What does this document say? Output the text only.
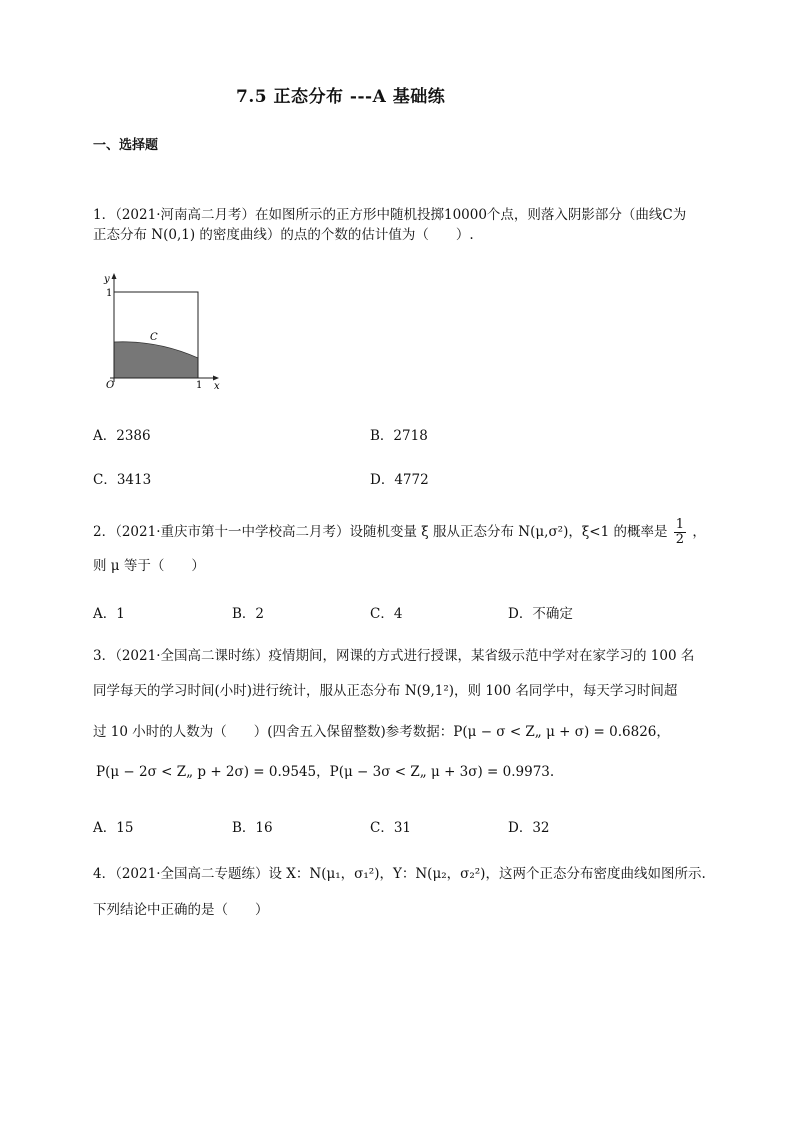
7.5 正态分布 ---A 基础练
一、选择题
1．（2021·河南高二月考）在如图所示的正方形中随机投掷10000个点，则落入阴影部分（曲线C为
正态分布 N(0,1) 的密度曲线）的点的个数的估计值为（　　）.
y
1
O	1 x
C
A．2386	B．2718
C．3413	D．4772
2．（2021·重庆市第十一中学校高二月考）设随机变量 ξ 服从正态分布 N(μ,σ²)，ξ<1 的概率是 $\frac{1}{2}$ ，
则 μ 等于（　　）
A．1	B．2	C．4	D．不确定
3．（2021·全国高二课时练）疫情期间，网课的方式进行授课，某省级示范中学对在家学习的 100 名
同学每天的学习时间(小时)进行统计，服从正态分布 N(9,1²)，则 100 名同学中，每天学习时间超
过 10 小时的人数为（　　）(四舍五入保留整数)参考数据：P(μ − σ < Z„ μ + σ) = 0.6826，
P(μ − 2σ < Z„ p + 2σ) = 0.9545，P(μ − 3σ < Z„ μ + 3σ) = 0.9973.
A．15	B．16	C．31	D．32
4．（2021·全国高二专题练）设 X：N(μ₁，σ₁²)，Y：N(μ₂，σ₂²)，这两个正态分布密度曲线如图所示.
下列结论中正确的是（　　）
